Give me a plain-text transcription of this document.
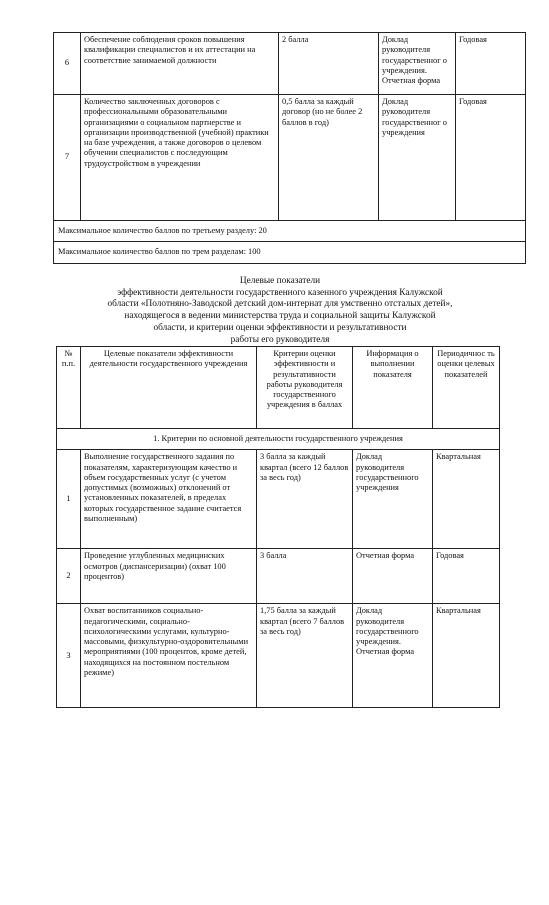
6	Обеспечение соблюдения сроков повышения квалификации специалистов и их аттестации на соответствие занимаемой должности	2 балла	Доклад руководителя государственног о учреждения. Отчетная форма	Годовая
7	Количество заключенных договоров с профессиональными образовательными организациями о социальном партнерстве и организации производственной (учебной) практики на базе учреждения, а также договоров о целевом обучении специалистов с последующим трудоустройством в учреждении	0,5 балла за каждый договор (но не более 2 баллов в год)	Доклад руководителя государственног о учреждения	Годовая
Максимальное количество баллов по третьему разделу: 20				
Максимальное количество баллов по трем разделам: 100				
Целевые показатели
эффективности деятельности государственного казенного учреждения Калужской
области «Полотняно-Заводской детский дом-интернат для умственно отсталых детей»,
находящегося в ведении министерства труда и социальной защиты Калужской
области, и критерии оценки эффективности и результативности
работы его руководителя
№ п.п.	Целевые показатели эффективности деятельности государственного учреждения	Критерии оценки эффективности и результативности работы руководителя государственного учреждения в баллах	Информация о выполнении показателя	Периодичнос ть оценки целевых показателей
1. Критерии по основной деятельности государственного учреждения				
1	Выполнение государственного задания по показателям, характеризующим качество и объем государственных услуг (с учетом допустимых (возможных) отклонений от установленных показателей, в пределах которых государственное задание считается выполненным)	3 балла за каждый квартал (всего 12 баллов за весь год)	Доклад руководителя государственного учреждения	Квартальная
2	Проведение углубленных медицинских осмотров (диспансеризации) (охват 100 процентов)	3 балла	Отчетная форма	Годовая
3	Охват воспитанников социально-педагогическими, социально-психологическими услугами, культурно-массовыми, физкультурно-оздоровительными мероприятиями (100 процентов, кроме детей, находящихся на постоянном постельном режиме)	1,75 балла за каждый квартал (всего 7 баллов за весь год)	Доклад руководителя государственного учреждения. Отчетная форма	Квартальная
